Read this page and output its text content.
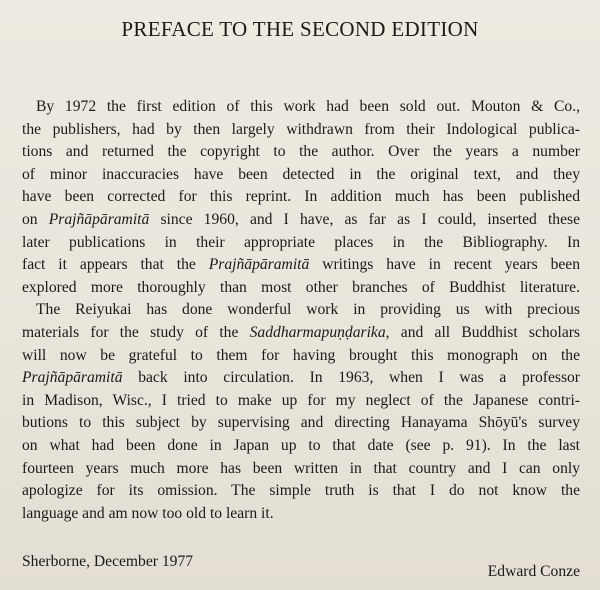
PREFACE TO THE SECOND EDITION
By 1972 the first edition of this work had been sold out. Mouton & Co.,
the publishers, had by then largely withdrawn from their Indological publica-
tions and returned the copyright to the author. Over the years a number
of minor inaccuracies have been detected in the original text, and they
have been corrected for this reprint. In addition much has been published
on Prajñāpāramitā since 1960, and I have, as far as I could, inserted these
later publications in their appropriate places in the Bibliography. In
fact it appears that the Prajñāpāramitā writings have in recent years been
explored more thoroughly than most other branches of Buddhist literature.
The Reiyukai has done wonderful work in providing us with precious
materials for the study of the Saddharmapuṇḍarika, and all Buddhist scholars
will now be grateful to them for having brought this monograph on the
Prajñāpāramitā back into circulation. In 1963, when I was a professor
in Madison, Wisc., I tried to make up for my neglect of the Japanese contri-
butions to this subject by supervising and directing Hanayama Shōyū's survey
on what had been done in Japan up to that date (see p. 91). In the last
fourteen years much more has been written in that country and I can only
apologize for its omission. The simple truth is that I do not know the
language and am now too old to learn it.
Sherborne, December 1977
Edward Conze
